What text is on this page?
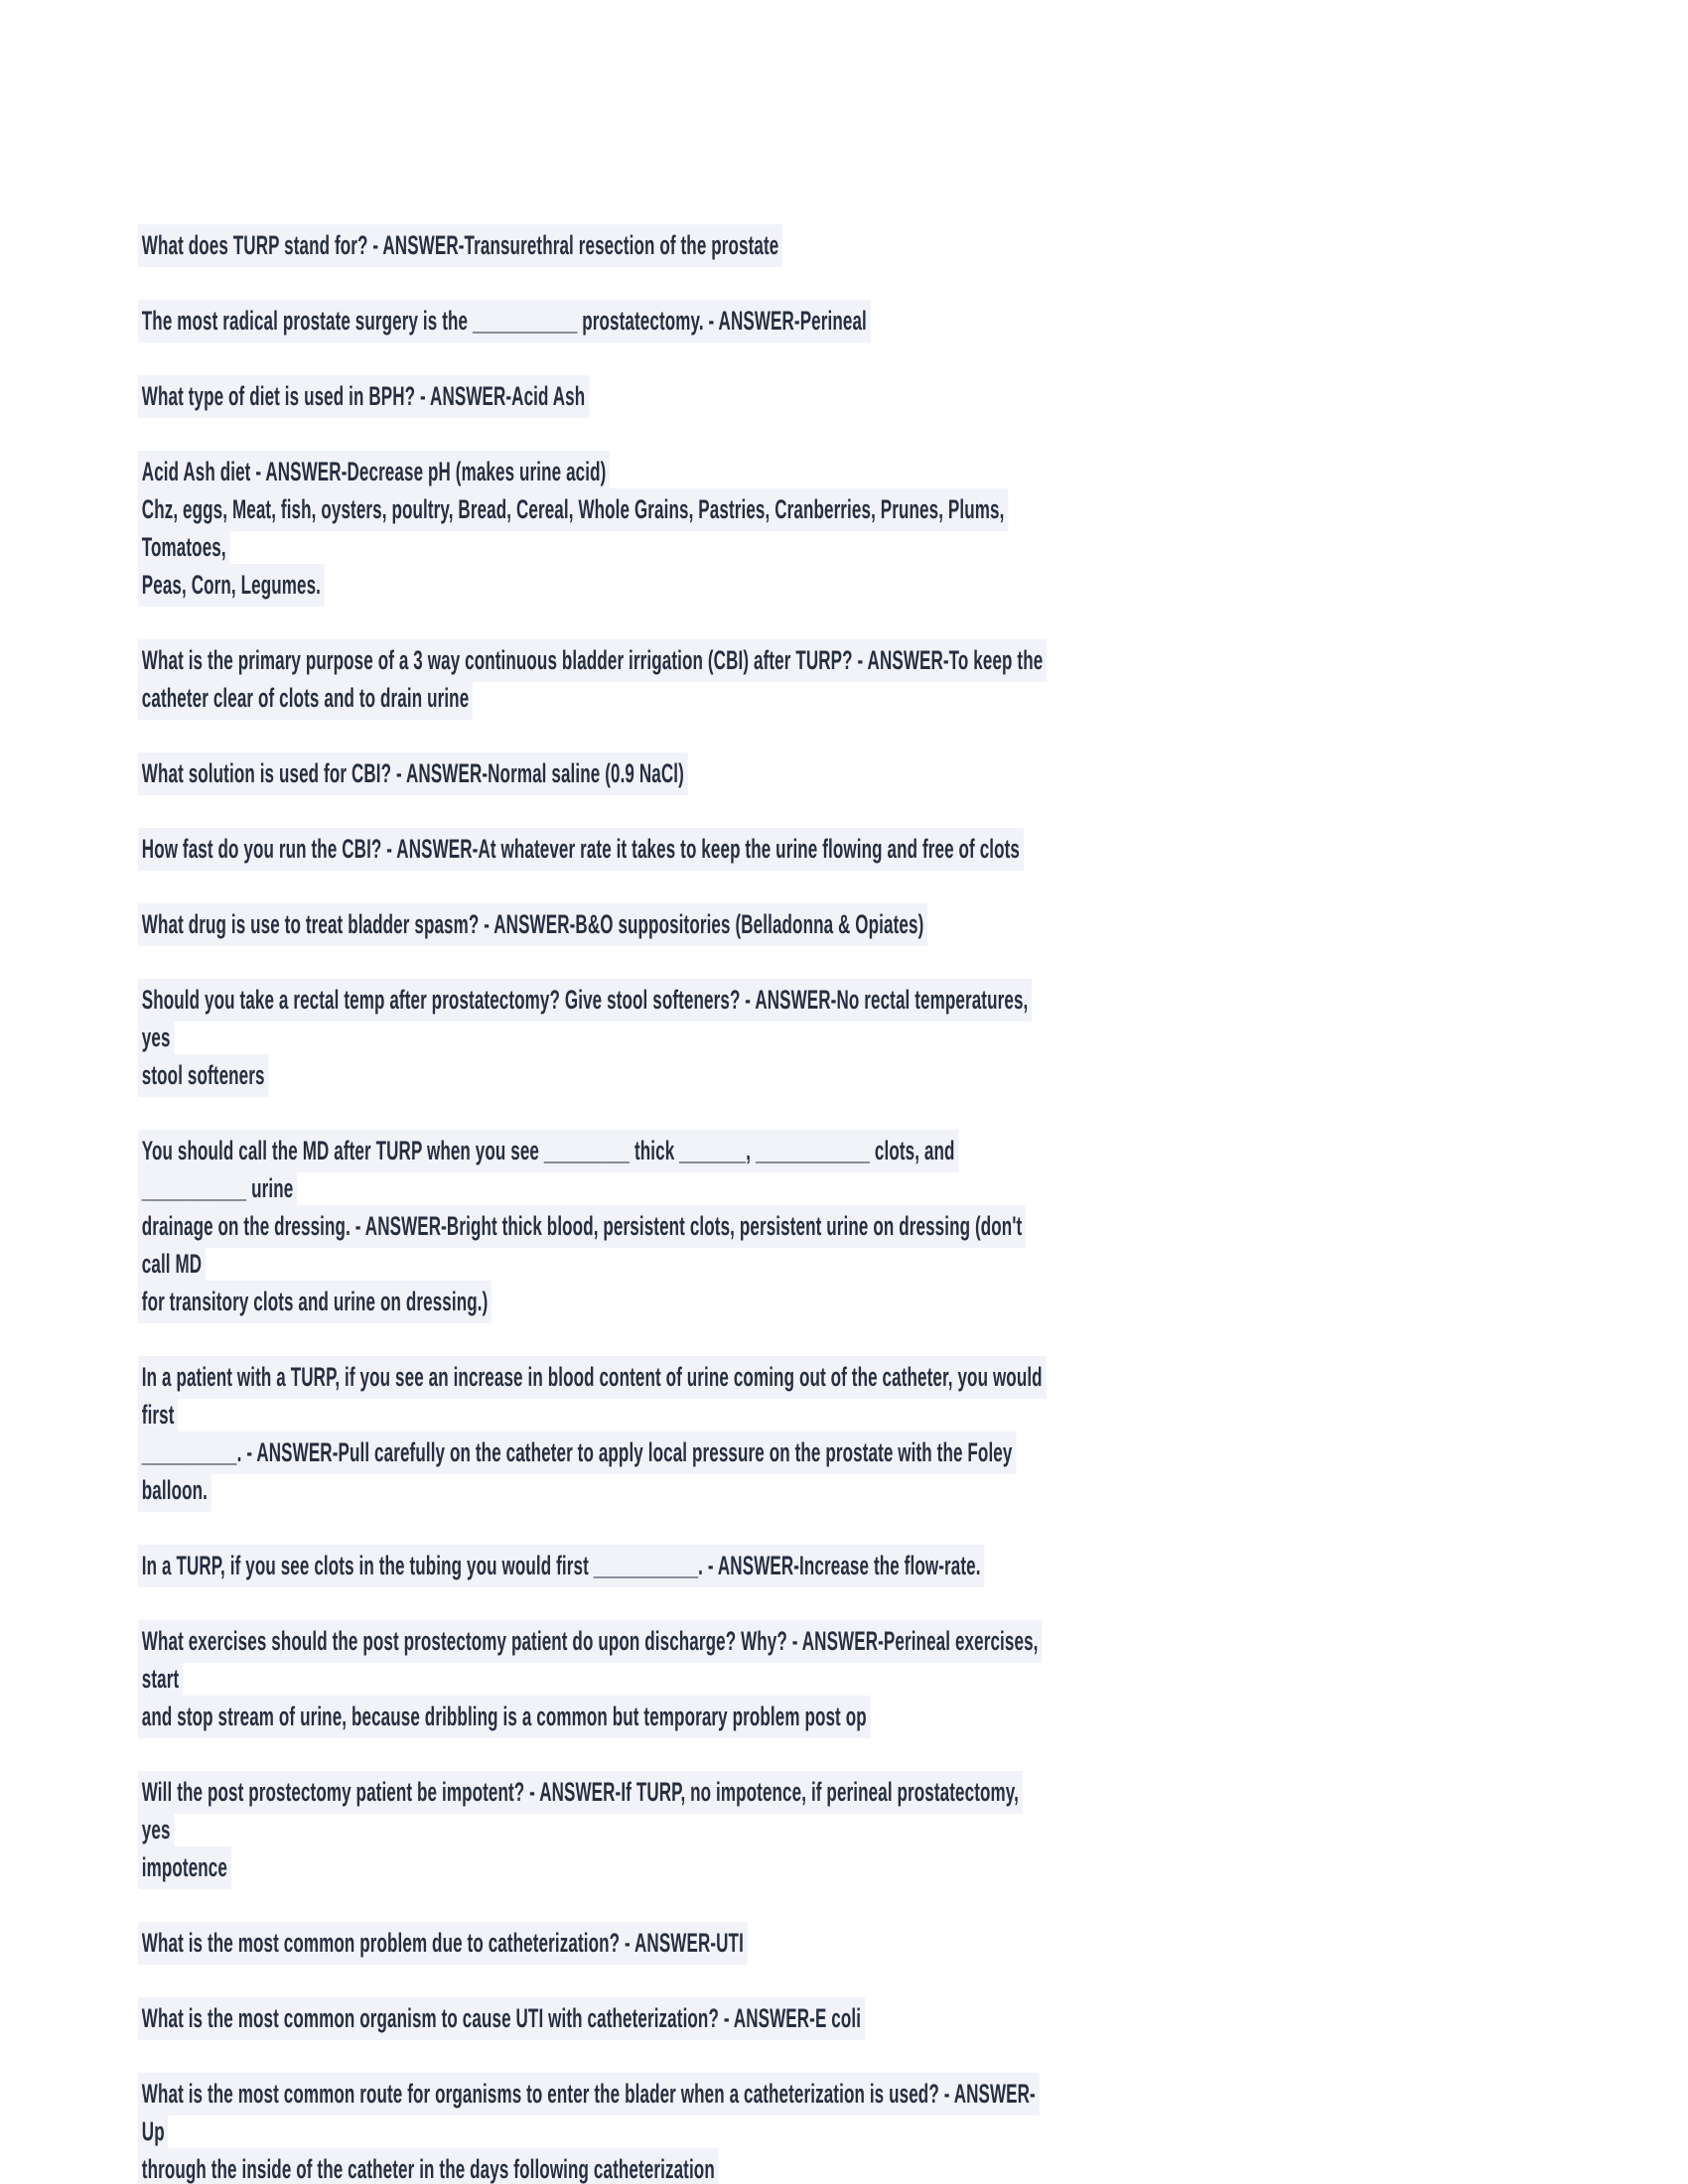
What does TURP stand for? - ANSWER-Transurethral resection of the prostate

The most radical prostate surgery is the ___________ prostatectomy. - ANSWER-Perineal

What type of diet is used in BPH? - ANSWER-Acid Ash

Acid Ash diet - ANSWER-Decrease pH (makes urine acid)
Chz, eggs, Meat, fish, oysters, poultry, Bread, Cereal, Whole Grains, Pastries, Cranberries, Prunes, Plums, Tomatoes,
Peas, Corn, Legumes.

What is the primary purpose of a 3 way continuous bladder irrigation (CBI) after TURP? - ANSWER-To keep the
catheter clear of clots and to drain urine

What solution is used for CBI? - ANSWER-Normal saline (0.9 NaCl)

How fast do you run the CBI? - ANSWER-At whatever rate it takes to keep the urine flowing and free of clots

What drug is use to treat bladder spasm? - ANSWER-B&O suppositories (Belladonna & Opiates)

Should you take a rectal temp after prostatectomy? Give stool softeners? - ANSWER-No rectal temperatures, yes
stool softeners

You should call the MD after TURP when you see _________ thick _______, ____________ clots, and ___________ urine
drainage on the dressing. - ANSWER-Bright thick blood, persistent clots, persistent urine on dressing (don't call MD
for transitory clots and urine on dressing.)

In a patient with a TURP, if you see an increase in blood content of urine coming out of the catheter, you would first
__________. - ANSWER-Pull carefully on the catheter to apply local pressure on the prostate with the Foley balloon.

In a TURP, if you see clots in the tubing you would first ___________. - ANSWER-Increase the flow-rate.

What exercises should the post prostectomy patient do upon discharge? Why? - ANSWER-Perineal exercises, start
and stop stream of urine, because dribbling is a common but temporary problem post op

Will the post prostectomy patient be impotent? - ANSWER-If TURP, no impotence, if perineal prostatectomy, yes
impotence

What is the most common problem due to catheterization? - ANSWER-UTI

What is the most common organism to cause UTI with catheterization? - ANSWER-E coli

What is the most common route for organisms to enter the blader when a catheterization is used? - ANSWER-Up
through the inside of the catheter in the days following catheterization
